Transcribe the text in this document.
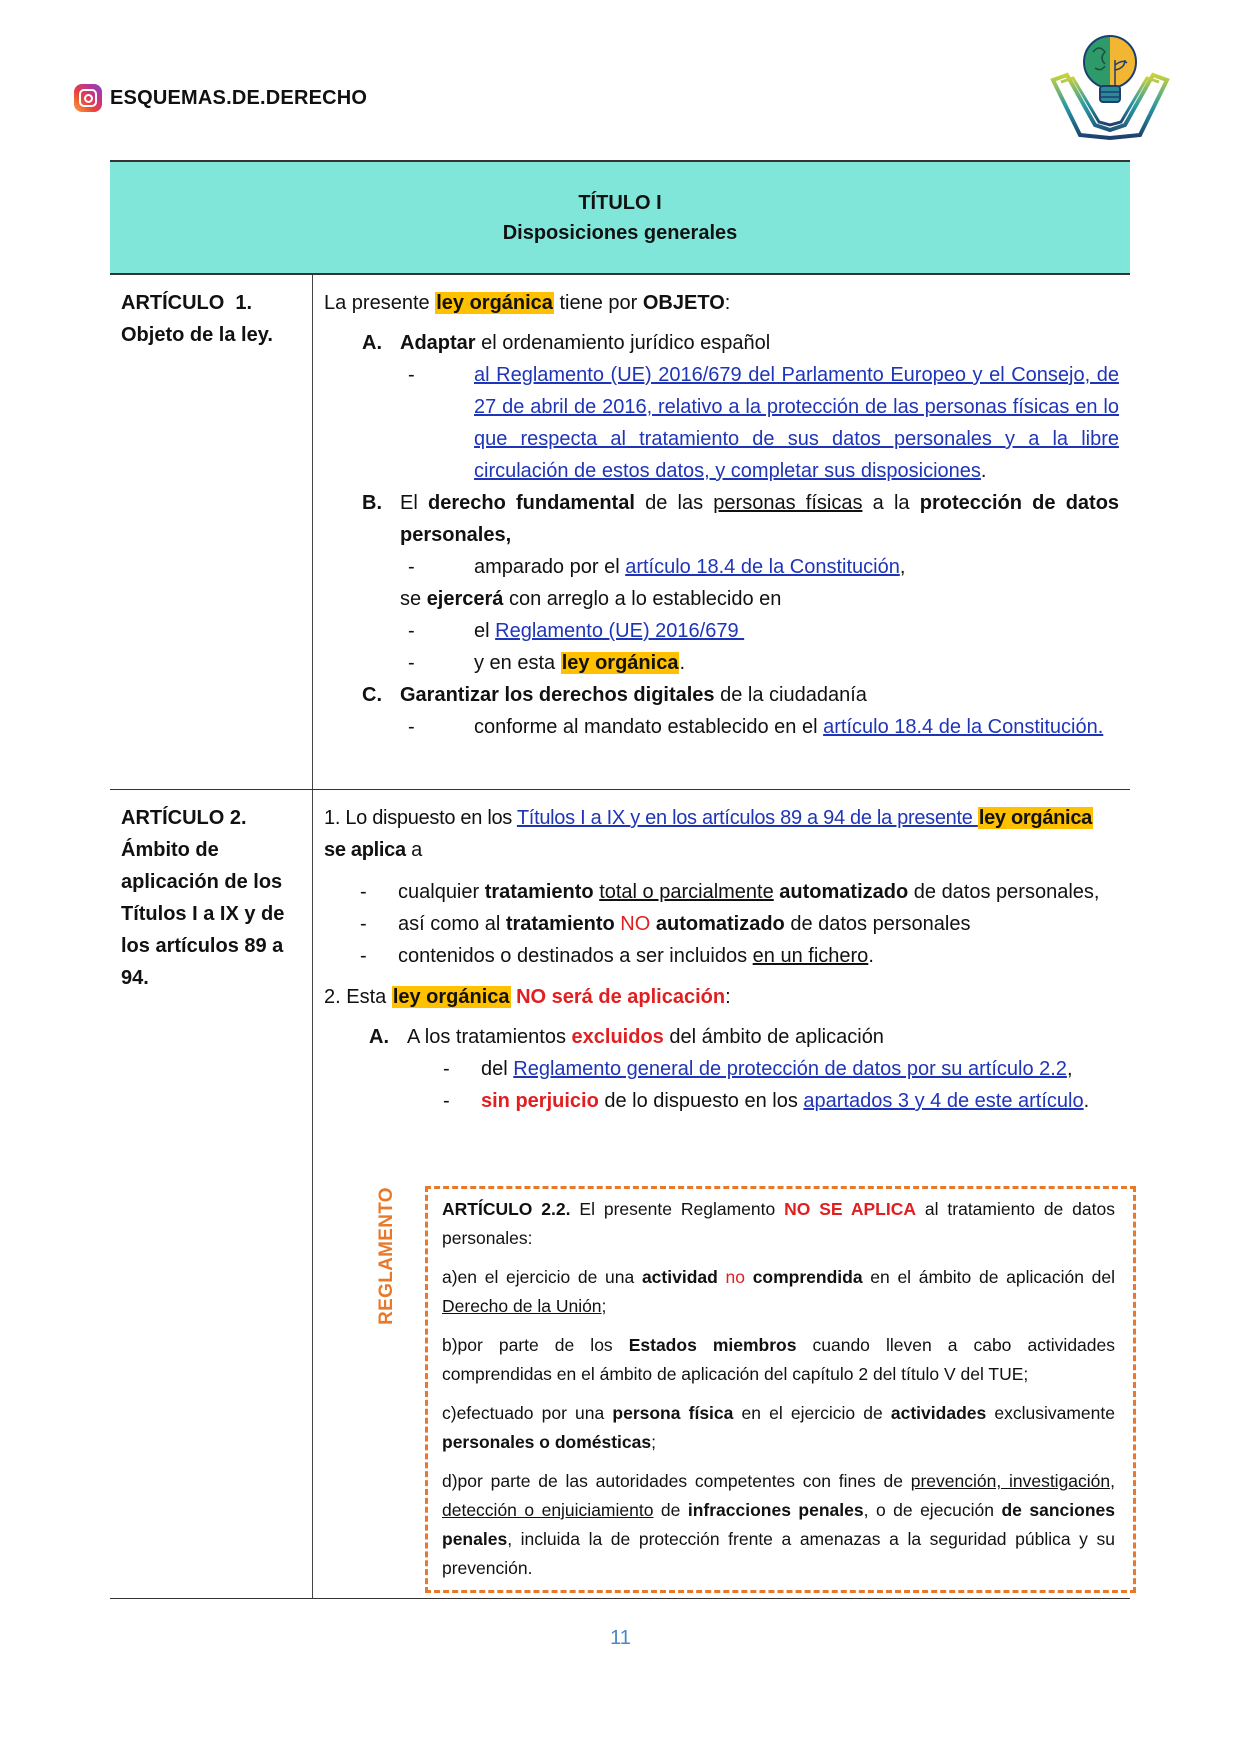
ESQUEMAS.DE.DERECHO
TÍTULO I
Disposiciones generales
ARTÍCULO  1.
Objeto de la ley.

La presente ley orgánica tiene por OBJETO:

A. Adaptar el ordenamiento jurídico español
-	al Reglamento (UE) 2016/679 del Parlamento Europeo y el Consejo, de 27 de abril de 2016, relativo a la protección de las personas físicas en lo que respecta al tratamiento de sus datos personales y a la libre circulación de estos datos, y completar sus disposiciones.
B. El derecho fundamental de las personas físicas a la protección de datos personales,
-	amparado por el artículo 18.4 de la Constitución,
se ejercerá con arreglo a lo establecido en
-	el Reglamento (UE) 2016/679
-	y en esta ley orgánica.
C. Garantizar los derechos digitales de la ciudadanía
-	conforme al mandato establecido en el artículo 18.4 de la Constitución.
ARTÍCULO 2.
Ámbito de
aplicación de los
Títulos I a IX y de
los artículos 89 a
94.

1. Lo dispuesto en los Títulos I a IX y en los artículos 89 a 94 de la presente ley orgánica
se aplica a

-	cualquier tratamiento total o parcialmente automatizado de datos personales,
-	así como al tratamiento NO automatizado de datos personales
-	contenidos o destinados a ser incluidos en un fichero.

2. Esta ley orgánica NO será de aplicación:

A. A los tratamientos excluidos del ámbito de aplicación
-	del Reglamento general de protección de datos por su artículo 2.2,
-	sin perjuicio de lo dispuesto en los apartados 3 y 4 de este artículo.
REGLAMENTO	ARTÍCULO 2.2. El presente Reglamento NO SE APLICA al tratamiento de datos personales:

a)en el ejercicio de una actividad no comprendida en el ámbito de aplicación del Derecho de la Unión;

b)por parte de los Estados miembros cuando lleven a cabo actividades comprendidas en el ámbito de aplicación del capítulo 2 del título V del TUE;

c)efectuado por una persona física en el ejercicio de actividades exclusivamente personales o domésticas;

d)por parte de las autoridades competentes con fines de prevención, investigación, detección o enjuiciamiento de infracciones penales, o de ejecución de sanciones penales, incluida la de protección frente a amenazas a la seguridad pública y su prevención.

11
